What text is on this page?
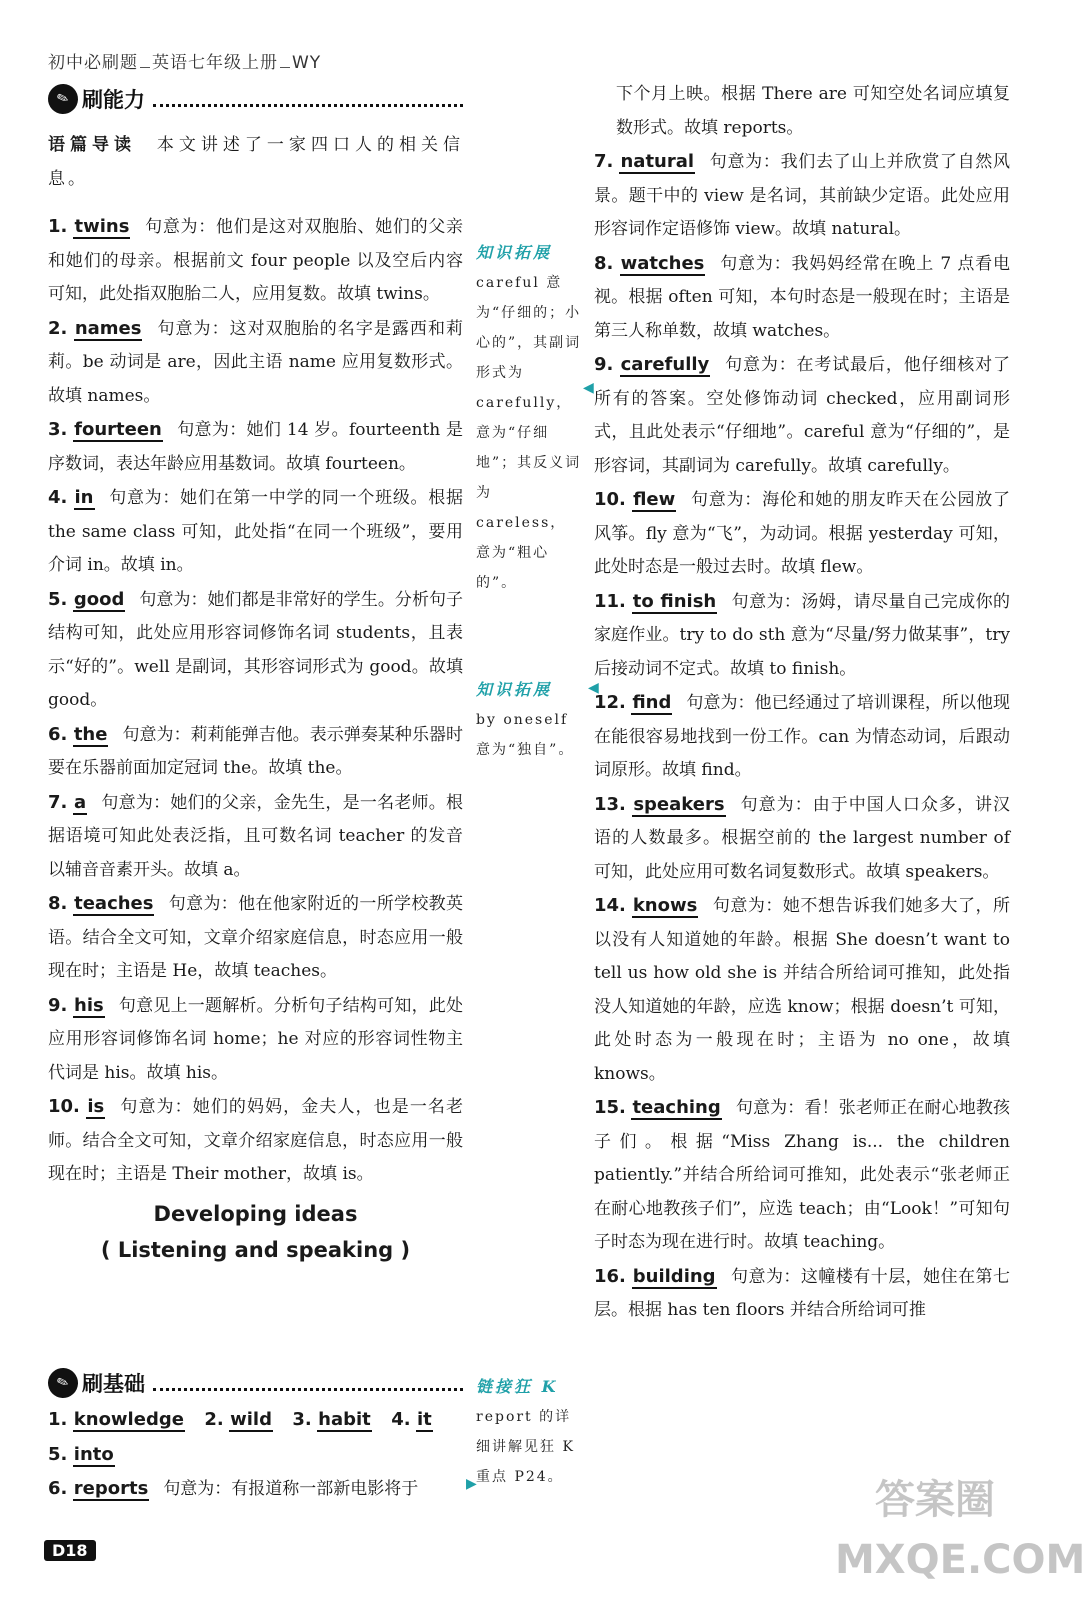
初中必刷题 英语七年级上册 WY
✎ 刷能力

语篇导读 本文讲述了一家四口人的相关信息。

1. twins 句意为：他们是这对双胞胎、她们的父亲和她们的母亲。根据前文 four people 以及空后内容可知，此处指双胞胎二人，应用复数。故填 twins。

2. names 句意为：这对双胞胎的名字是露西和莉莉。be 动词是 are，因此主语 name 应用复数形式。故填 names。

3. fourteen 句意为：她们 14 岁。fourteenth 是序数词，表达年龄应用基数词。故填 fourteen。

4. in 句意为：她们在第一中学的同一个班级。根据 the same class 可知，此处指“在同一个班级”，要用介词 in。故填 in。

5. good 句意为：她们都是非常好的学生。分析句子结构可知，此处应用形容词修饰名词 students，且表示“好的”。well 是副词，其形容词形式为 good。故填 good。

6. the 句意为：莉莉能弹吉他。表示弹奏某种乐器时要在乐器前面加定冠词 the。故填 the。

7. a 句意为：她们的父亲，金先生，是一名老师。根据语境可知此处表泛指，且可数名词 teacher 的发音以辅音音素开头。故填 a。

8. teaches 句意为：他在他家附近的一所学校教英语。结合全文可知，文章介绍家庭信息，时态应用一般现在时；主语是 He，故填 teaches。

9. his 句意见上一题解析。分析句子结构可知，此处应用形容词修饰名词 home；he 对应的形容词性物主代词是 his。故填 his。

10. is 句意为：她们的妈妈，金夫人，也是一名老师。结合全文可知，文章介绍家庭信息，时态应用一般现在时；主语是 Their mother，故填 is。

Developing ideas
( Listening and speaking )
✎ 刷基础

1. knowledge 2. wild 3. habit 4. it

5. into

6. reports 句意为：有报道称一部新电影将于

知识拓展
careful 意为“仔细的；小心的”，其副词形式为 carefully，意为“仔细地”；其反义词为 careless，意为“粗心的”。
◀
知识拓展
by oneself 意为“独自”。
◀
链接狂 K
report 的详细讲解见狂 K 重点 P24。
▶

下个月上映。根据 There are 可知空处名词应填复数形式。故填 reports。

7. natural 句意为：我们去了山上并欣赏了自然风景。题干中的 view 是名词，其前缺少定语。此处应用形容词作定语修饰 view。故填 natural。

8. watches 句意为：我妈妈经常在晚上 7 点看电视。根据 often 可知，本句时态是一般现在时；主语是第三人称单数，故填 watches。

9. carefully 句意为：在考试最后，他仔细核对了所有的答案。空处修饰动词 checked，应用副词形式，且此处表示“仔细地”。careful 意为“仔细的”，是形容词，其副词为 carefully。故填 carefully。

10. flew 句意为：海伦和她的朋友昨天在公园放了风筝。fly 意为“飞”，为动词。根据 yesterday 可知，此处时态是一般过去时。故填 flew。

11. to finish 句意为：汤姆，请尽量自己完成你的家庭作业。try to do sth 意为“尽量/努力做某事”，try 后接动词不定式。故填 to finish。

12. find 句意为：他已经通过了培训课程，所以他现在能很容易地找到一份工作。can 为情态动词，后跟动词原形。故填 find。

13. speakers 句意为：由于中国人口众多，讲汉语的人数最多。根据空前的 the largest number of 可知，此处应用可数名词复数形式。故填 speakers。

14. knows 句意为：她不想告诉我们她多大了，所以没有人知道她的年龄。根据 She doesn’t want to tell us how old she is 并结合所给词可推知，此处指没人知道她的年龄，应选 know；根据 doesn’t 可知，此处时态为一般现在时；主语为 no one，故填 knows。

15. teaching 句意为：看！张老师正在耐心地教孩子们。根据“Miss Zhang is... the children patiently.”并结合所给词可推知，此处表示“张老师正在耐心地教孩子们”，应选 teach；由“Look！”可知句子时态为现在进行时。故填 teaching。

16. building 句意为：这幢楼有十层，她住在第七层。根据 has ten floors 并结合所给词可推

D18
答案圈 MXQE.COM
